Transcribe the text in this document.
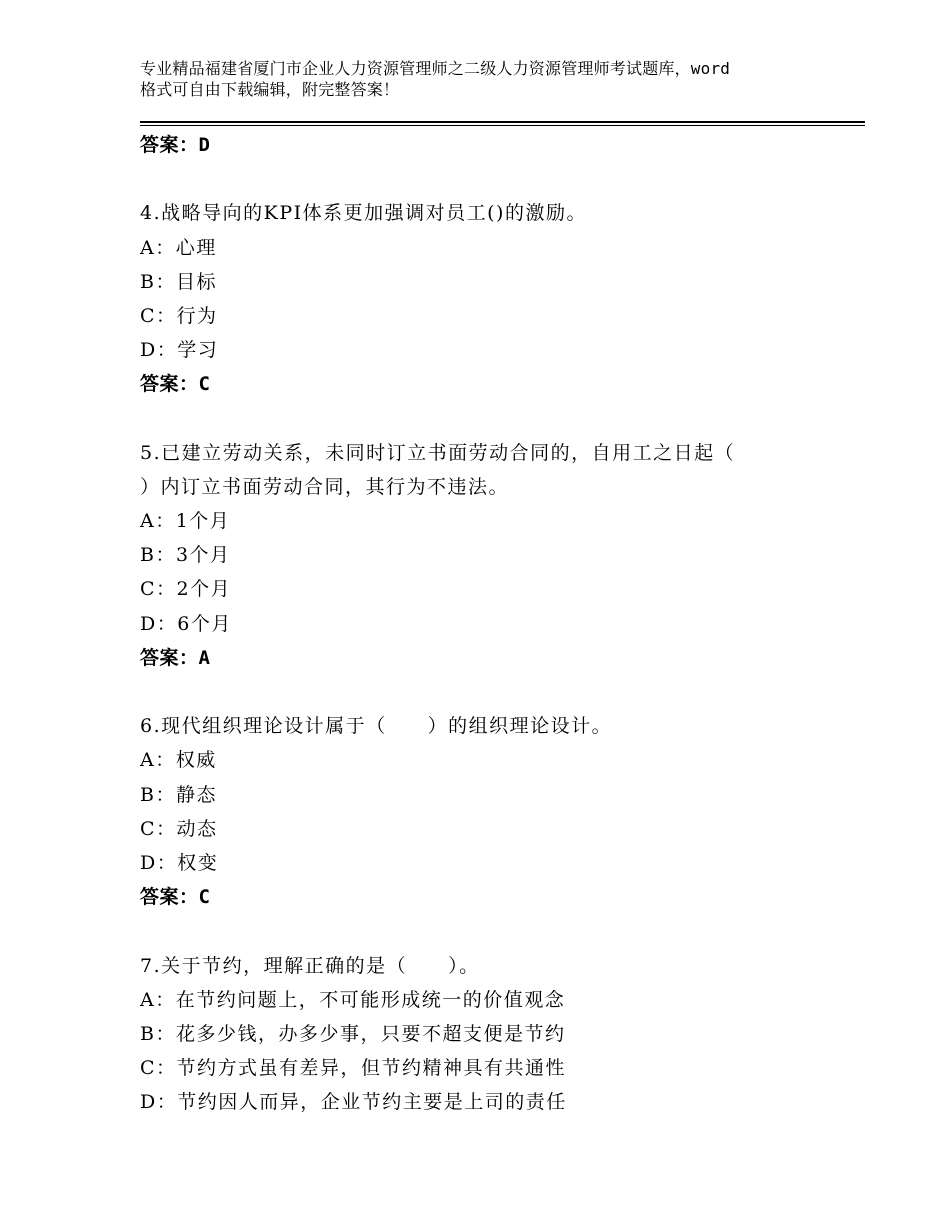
专业精品福建省厦门市企业人力资源管理师之二级人力资源管理师考试题库，word
格式可自由下载编辑，附完整答案！
答案：D
4.战略导向的KPI体系更加强调对员工()的激励。
A：心理
B：目标
C：行为
D：学习
答案：C
5.已建立劳动关系，未同时订立书面劳动合同的，自用工之日起（
）内订立书面劳动合同，其行为不违法。
A：1个月
B：3个月
C：2个月
D：6个月
答案：A
6.现代组织理论设计属于（　　）的组织理论设计。
A：权威
B：静态
C：动态
D：权变
答案：C
7.关于节约，理解正确的是（　　）。
A：在节约问题上，不可能形成统一的价值观念
B：花多少钱，办多少事，只要不超支便是节约
C：节约方式虽有差异，但节约精神具有共通性
D：节约因人而异，企业节约主要是上司的责任
